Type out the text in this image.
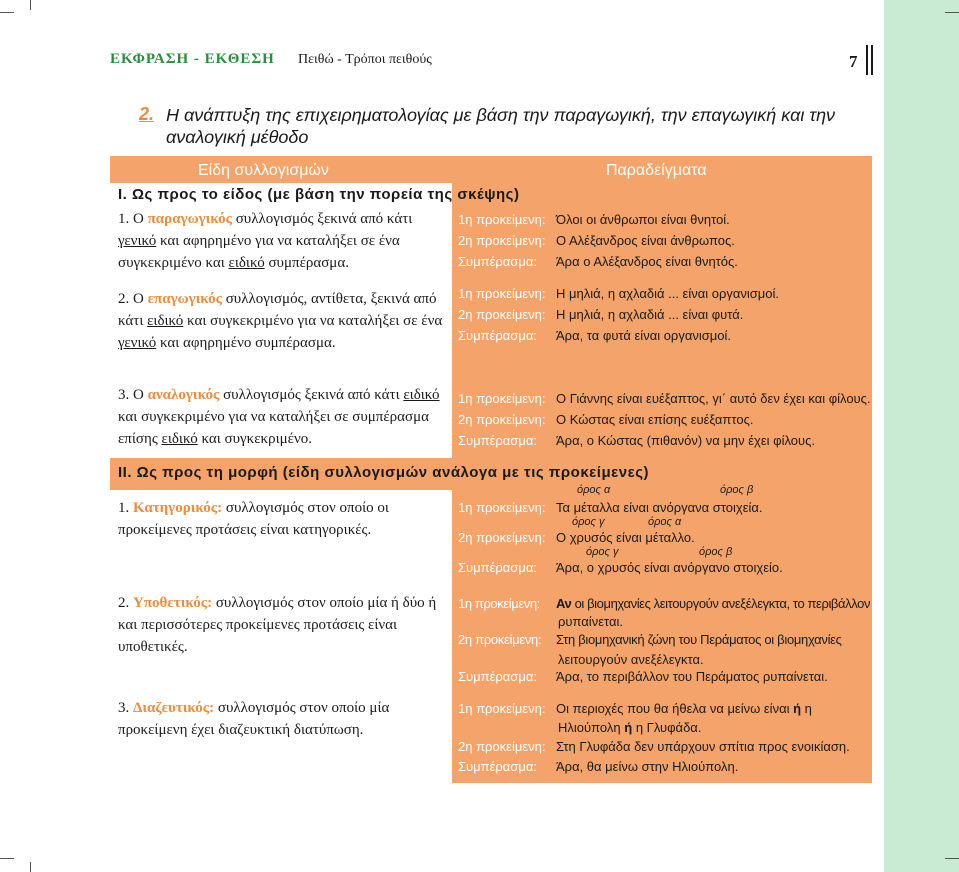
ΕΚΦΡΑΣΗ - ΕΚΘΕΣΗ Πειθώ - Τρόποι πειθούς	7
2. Η ανάπτυξη της επιχειρηματολογίας με βάση την παραγωγική, την επαγωγική και την αναλογική μέθοδο
Είδη συλλογισμών	Παραδείγματα
I. Ως προς το είδος (με βάση την πορεία της σκέψης)
1. Ο παραγωγικός συλλογισμός ξεκινά από κάτι γενικό και αφηρημένο για να καταλήξει σε ένα συγκεκριμένο και ειδικό συμπέρασμα.
1η προκείμενη: Όλοι οι άνθρωποι είναι θνητοί.
2η προκείμενη: Ο Αλέξανδρος είναι άνθρωπος.
Συμπέρασμα: Άρα ο Αλέξανδρος είναι θνητός.
2. Ο επαγωγικός συλλογισμός, αντίθετα, ξεκινά από κάτι ειδικό και συγκεκριμένο για να καταλήξει σε ένα γενικό και αφηρημένο συμπέρασμα.
1η προκείμενη: Η μηλιά, η αχλαδιά ... είναι οργανισμοί.
2η προκείμενη: Η μηλιά, η αχλαδιά ... είναι φυτά.
Συμπέρασμα: Άρα, τα φυτά είναι οργανισμοί.
3. Ο αναλογικός συλλογισμός ξεκινά από κάτι ειδικό και συγκεκριμένο για να καταλήξει σε συμπέρασμα επίσης ειδικό και συγκεκριμένο.
1η προκείμενη: Ο Γιάννης είναι ευέξαπτος, γι΄ αυτό δεν έχει και φίλους.
2η προκείμενη: Ο Κώστας είναι επίσης ευέξαπτος.
Συμπέρασμα: Άρα, ο Κώστας (πιθανόν) να μην έχει φίλους.
II. Ως προς τη μορφή (είδη συλλογισμών ανάλογα με τις προκείμενες)
1. Κατηγορικός: συλλογισμός στον οποίο οι προκείμενες προτάσεις είναι κατηγορικές.
όρος α	όρος β
όρος γ	όρος α
όρος γ	όρος β
1η προκείμενη: Τα μέταλλα είναι ανόργανα στοιχεία.
2η προκείμενη: Ο χρυσός είναι μέταλλο.
Συμπέρασμα: Άρα, ο χρυσός είναι ανόργανο στοιχείο.
2. Υποθετικός: συλλογισμός στον οποίο μία ή δύο ή και περισσότερες προκείμενες προτάσεις είναι υποθετικές.
1η προκείμενη: Αν οι βιομηχανίες λειτουργούν ανεξέλεγκτα, το περιβάλλον
ρυπαίνεται.
2η προκείμενη: Στη βιομηχανική ζώνη του Περάματος οι βιομηχανίες
λειτουργούν ανεξέλεγκτα.
Συμπέρασμα: Άρα, το περιβάλλον του Περάματος ρυπαίνεται.
3. Διαζευτικός: συλλογισμός στον οποίο μία προκείμενη έχει διαζευκτική διατύπωση.
1η προκείμενη: Οι περιοχές που θα ήθελα να μείνω είναι ή η
Ηλιούπολη ή η Γλυφάδα.
2η προκείμενη: Στη Γλυφάδα δεν υπάρχουν σπίτια προς ενοικίαση.
Συμπέρασμα: Άρα, θα μείνω στην Ηλιούπολη.
